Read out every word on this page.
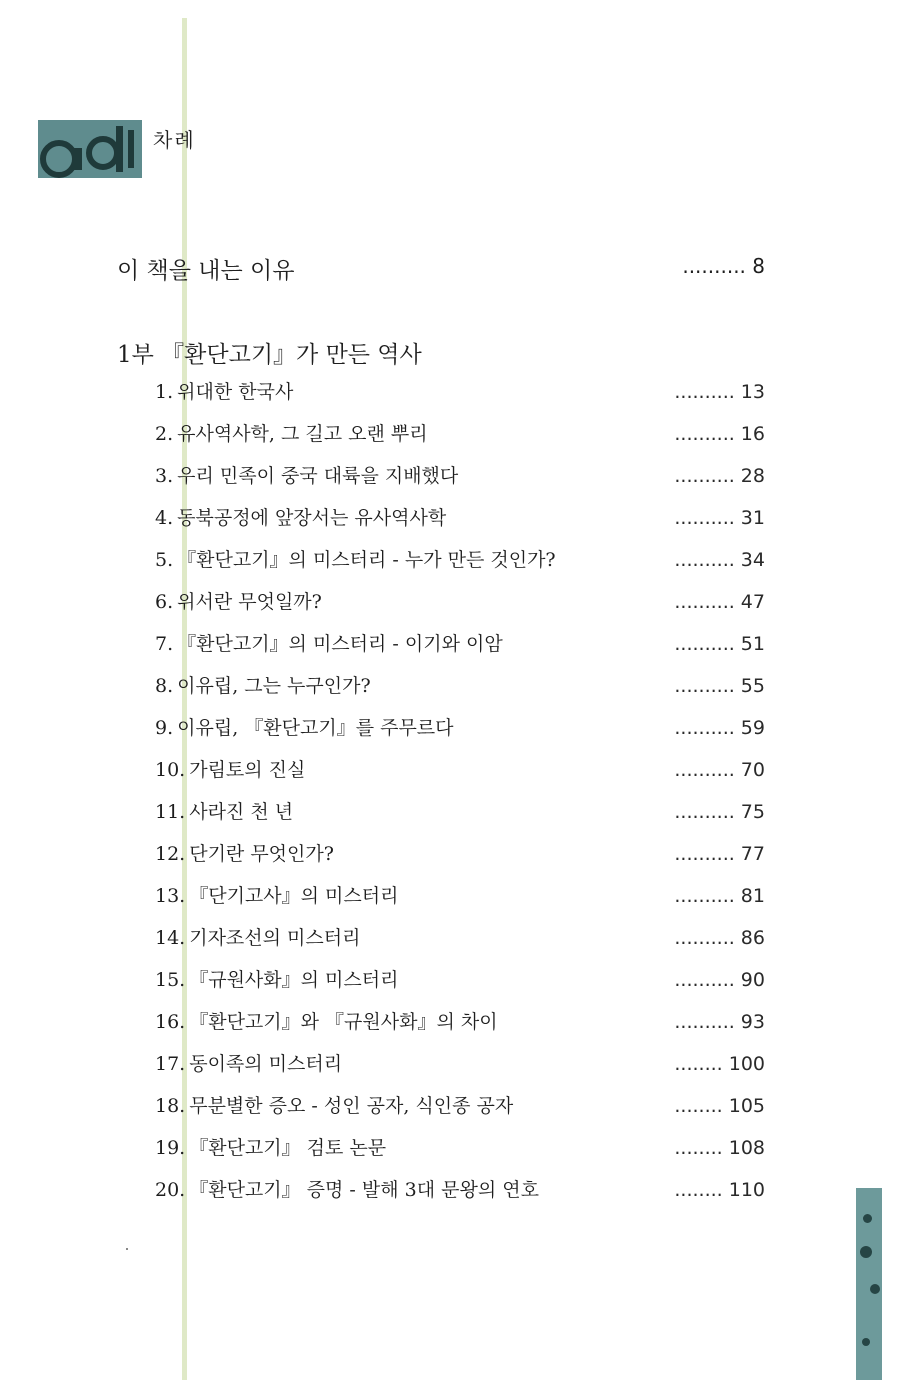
차례
이 책을 내는 이유	.......... 8
1부 『환단고기』가 만든 역사
1. 위대한 한국사	.......... 13
2. 유사역사학, 그 길고 오랜 뿌리	.......... 16
3. 우리 민족이 중국 대륙을 지배했다	.......... 28
4. 동북공정에 앞장서는 유사역사학	.......... 31
5. 『환단고기』의 미스터리 - 누가 만든 것인가?	.......... 34
6. 위서란 무엇일까?	.......... 47
7. 『환단고기』의 미스터리 - 이기와 이암	.......... 51
8. 이유립, 그는 누구인가?	.......... 55
9. 이유립, 『환단고기』를 주무르다	.......... 59
10. 가림토의 진실	.......... 70
11. 사라진 천 년	.......... 75
12. 단기란 무엇인가?	.......... 77
13. 『단기고사』의 미스터리	.......... 81
14. 기자조선의 미스터리	.......... 86
15. 『규원사화』의 미스터리	.......... 90
16. 『환단고기』와 『규원사화』의 차이	.......... 93
17. 동이족의 미스터리	........ 100
18. 무분별한 증오 - 성인 공자, 식인종 공자	........ 105
19. 『환단고기』 검토 논문	........ 108
20. 『환단고기』 증명 - 발해 3대 문왕의 연호	........ 110
